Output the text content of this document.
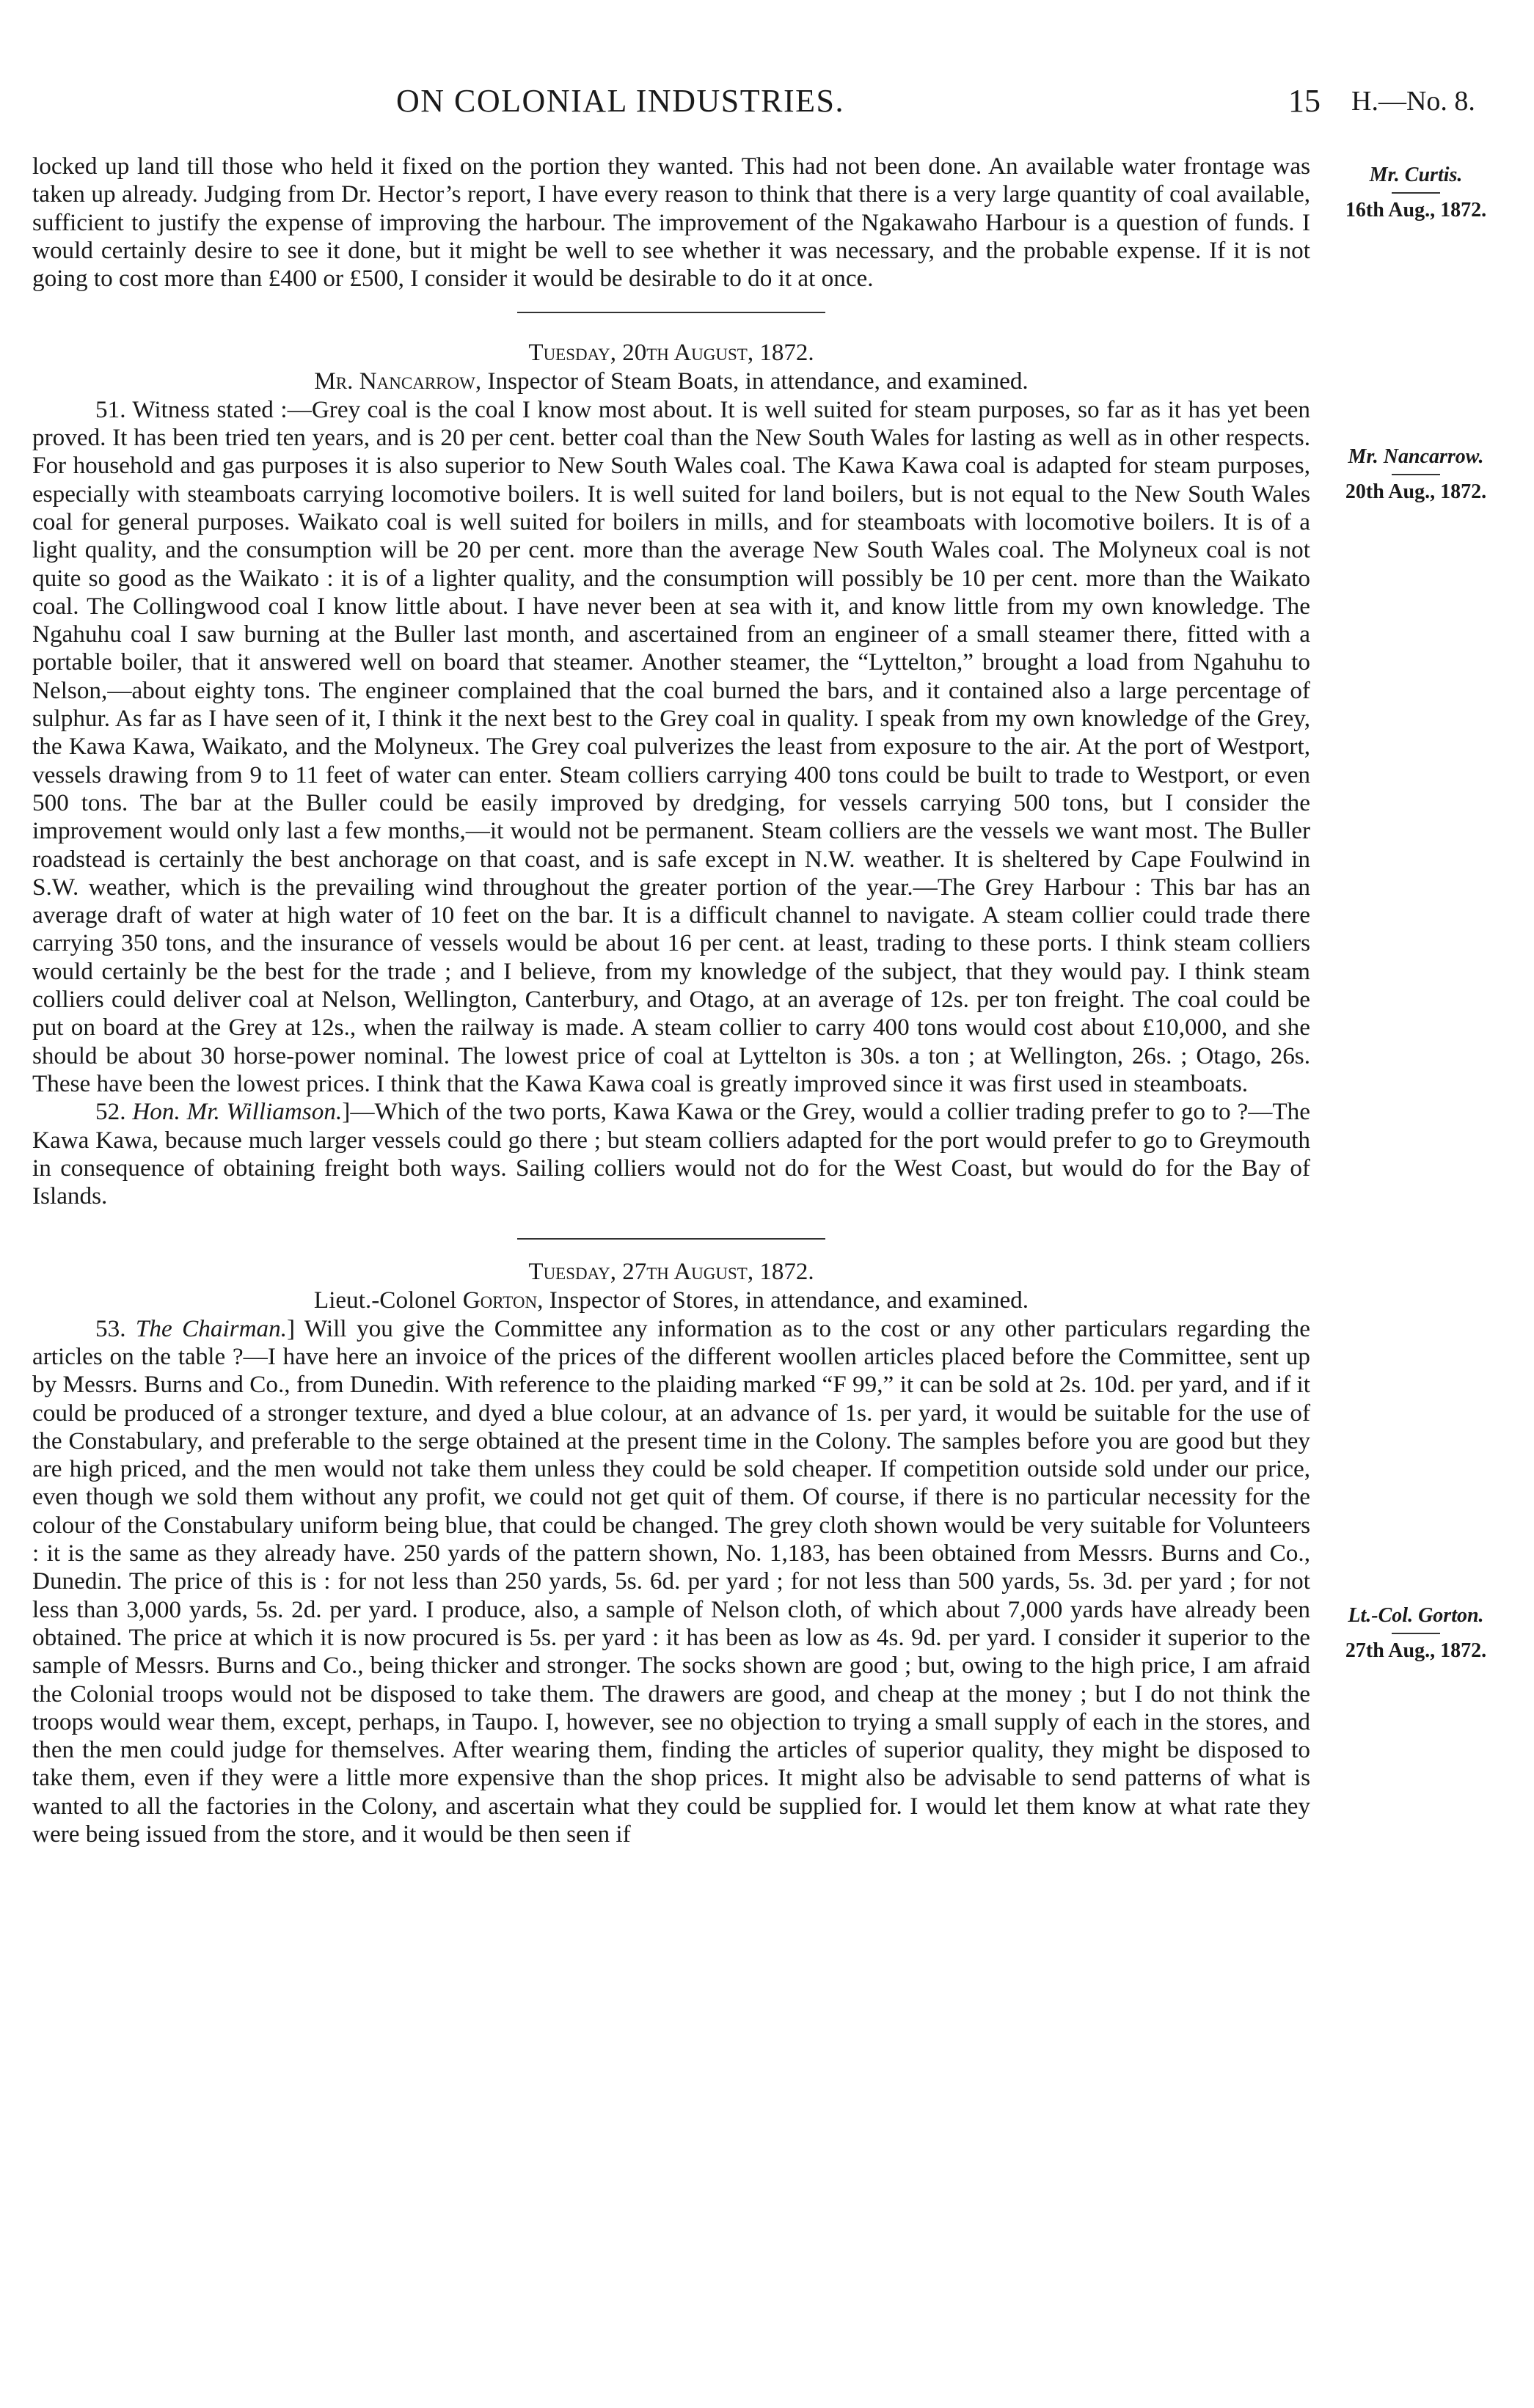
ON COLONIAL INDUSTRIES.	15 H.—No. 8.

locked up land till those who held it fixed on the portion they wanted. This had not been done. An available water frontage was taken up already. Judging from Dr. Hector’s report, I have every reason to think that there is a very large quantity of coal available, sufficient to justify the expense of improving the harbour. The improvement of the Ngakawaho Harbour is a question of funds. I would certainly desire to see it done, but it might be well to see whether it was necessary, and the probable expense. If it is not going to cost more than £400 or £500, I consider it would be desirable to do it at once.

Tuesday, 20th August, 1872.

Mr. Nancarrow, Inspector of Steam Boats, in attendance, and examined.

51. Witness stated :—Grey coal is the coal I know most about. It is well suited for steam purposes, so far as it has yet been proved. It has been tried ten years, and is 20 per cent. better coal than the New South Wales for lasting as well as in other respects. For household and gas purposes it is also superior to New South Wales coal. The Kawa Kawa coal is adapted for steam purposes, especially with steamboats carrying locomotive boilers. It is well suited for land boilers, but is not equal to the New South Wales coal for general purposes. Waikato coal is well suited for boilers in mills, and for steamboats with locomotive boilers. It is of a light quality, and the consumption will be 20 per cent. more than the average New South Wales coal. The Molyneux coal is not quite so good as the Waikato : it is of a lighter quality, and the consumption will possibly be 10 per cent. more than the Waikato coal. The Collingwood coal I know little about. I have never been at sea with it, and know little from my own knowledge. The Ngahuhu coal I saw burning at the Buller last month, and ascertained from an engineer of a small steamer there, fitted with a portable boiler, that it answered well on board that steamer. Another steamer, the “Lyttelton,” brought a load from Ngahuhu to Nelson,—about eighty tons. The engineer complained that the coal burned the bars, and it contained also a large percentage of sulphur. As far as I have seen of it, I think it the next best to the Grey coal in quality. I speak from my own knowledge of the Grey, the Kawa Kawa, Waikato, and the Molyneux. The Grey coal pulverizes the least from exposure to the air. At the port of Westport, vessels drawing from 9 to 11 feet of water can enter. Steam colliers carrying 400 tons could be built to trade to Westport, or even 500 tons. The bar at the Buller could be easily improved by dredging, for vessels carrying 500 tons, but I consider the improvement would only last a few months,—it would not be permanent. Steam colliers are the vessels we want most. The Buller roadstead is certainly the best anchorage on that coast, and is safe except in N.W. weather. It is sheltered by Cape Foulwind in S.W. weather, which is the prevailing wind throughout the greater portion of the year.—The Grey Harbour : This bar has an average draft of water at high water of 10 feet on the bar. It is a difficult channel to navigate. A steam collier could trade there carrying 350 tons, and the insurance of vessels would be about 16 per cent. at least, trading to these ports. I think steam colliers would certainly be the best for the trade ; and I believe, from my knowledge of the subject, that they would pay. I think steam colliers could deliver coal at Nelson, Wellington, Canterbury, and Otago, at an average of 12s. per ton freight. The coal could be put on board at the Grey at 12s., when the railway is made. A steam collier to carry 400 tons would cost about £10,000, and she should be about 30 horse-power nominal. The lowest price of coal at Lyttelton is 30s. a ton ; at Wellington, 26s. ; Otago, 26s. These have been the lowest prices. I think that the Kawa Kawa coal is greatly improved since it was first used in steamboats.

52. Hon. Mr. Williamson.]—Which of the two ports, Kawa Kawa or the Grey, would a collier trading prefer to go to ?—The Kawa Kawa, because much larger vessels could go there ; but steam colliers adapted for the port would prefer to go to Greymouth in consequence of obtaining freight both ways. Sailing colliers would not do for the West Coast, but would do for the Bay of Islands.

Tuesday, 27th August, 1872.

Lieut.-Colonel Gorton, Inspector of Stores, in attendance, and examined.

53. The Chairman.] Will you give the Committee any information as to the cost or any other particulars regarding the articles on the table ?—I have here an invoice of the prices of the different woollen articles placed before the Committee, sent up by Messrs. Burns and Co., from Dunedin. With reference to the plaiding marked “F 99,” it can be sold at 2s. 10d. per yard, and if it could be produced of a stronger texture, and dyed a blue colour, at an advance of 1s. per yard, it would be suitable for the use of the Constabulary, and preferable to the serge obtained at the present time in the Colony. The samples before you are good but they are high priced, and the men would not take them unless they could be sold cheaper. If competition outside sold under our price, even though we sold them without any profit, we could not get quit of them. Of course, if there is no particular necessity for the colour of the Constabulary uniform being blue, that could be changed. The grey cloth shown would be very suitable for Volunteers : it is the same as they already have. 250 yards of the pattern shown, No. 1,183, has been obtained from Messrs. Burns and Co., Dunedin. The price of this is : for not less than 250 yards, 5s. 6d. per yard ; for not less than 500 yards, 5s. 3d. per yard ; for not less than 3,000 yards, 5s. 2d. per yard. I produce, also, a sample of Nelson cloth, of which about 7,000 yards have already been obtained. The price at which it is now procured is 5s. per yard : it has been as low as 4s. 9d. per yard. I consider it superior to the sample of Messrs. Burns and Co., being thicker and stronger. The socks shown are good ; but, owing to the high price, I am afraid the Colonial troops would not be disposed to take them. The drawers are good, and cheap at the money ; but I do not think the troops would wear them, except, perhaps, in Taupo. I, however, see no objection to trying a small supply of each in the stores, and then the men could judge for themselves. After wearing them, finding the articles of superior quality, they might be disposed to take them, even if they were a little more expensive than the shop prices. It might also be advisable to send patterns of what is wanted to all the factories in the Colony, and ascertain what they could be supplied for. I would let them know at what rate they were being issued from the store, and it would be then seen if

Mr. Curtis.
16th Aug., 1872.
Mr. Nancarrow.
20th Aug., 1872.
Lt.-Col. Gorton.
27th Aug., 1872.
